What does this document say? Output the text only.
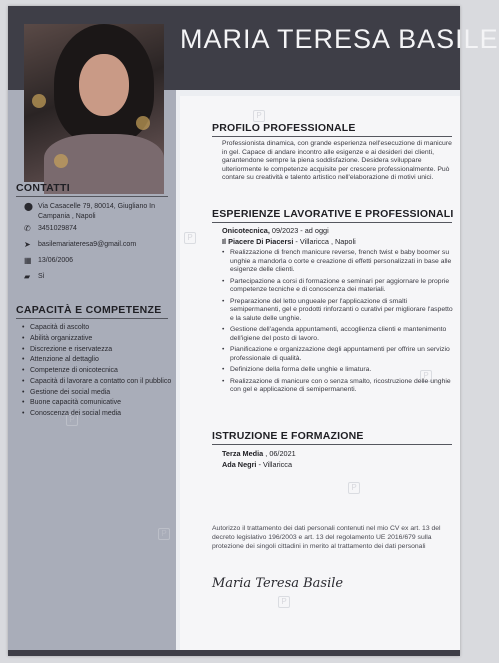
MARIA TERESA BASILE
P
P
P
P
P
P
P
CONTATTI
⬤ Via Casacelle 79, 80014, Giugliano In Campania , Napoli
✆	3451029874
➤	basilemariateresa9@gmail.com
▦ 13/06/2006
▰	Sì
CAPACITÀ E COMPETENZE
• Capacità di ascolto
• Abilità organizzative
• Discrezione e riservatezza
• Attenzione al dettaglio
• Competenze di onicotecnica
• Capacità di lavorare a contatto con il pubblico
• Gestione dei social media
• Buone capacità comunicative
• Conoscenza dei social media
PROFILO PROFESSIONALE
Professionista dinamica, con grande esperienza nell'esecuzione di manicure in gel. Capace di andare incontro alle esigenze e ai desideri dei clienti, garantendone sempre la piena soddisfazione. Desidera sviluppare ulteriormente le competenze acquisite per crescere professionalmente. Può contare su creatività e talento artistico nell'elaborazione di motivi unici.
ESPERIENZE LAVORATIVE E PROFESSIONALI
Onicotecnica, 09/2023 - ad oggi
Il Piacere Di Piacersi - Villaricca , Napoli
• Realizzazione di french manicure reverse, french twist e baby boomer su unghie a mandorla o corte e creazione di effetti personalizzati in base alle esigenze delle clienti.
• Partecipazione a corsi di formazione e seminari per aggiornare le proprie competenze tecniche e di conoscenza dei materiali.
• Preparazione del letto ungueale per l'applicazione di smalti semipermanenti, gel e prodotti rinforzanti o curativi per migliorare l'aspetto e la salute delle unghie.
• Gestione dell'agenda appuntamenti, accoglienza clienti e mantenimento dell'igiene del posto di lavoro.
• Pianificazione e organizzazione degli appuntamenti per offrire un servizio professionale di qualità.
• Definizione della forma delle unghie e limatura.
• Realizzazione di manicure con o senza smalto, ricostruzione delle unghie con gel e applicazione di semipermanenti.
ISTRUZIONE E FORMAZIONE
Terza Media , 06/2021
Ada Negri - Villaricca
Autorizzo il trattamento dei dati personali contenuti nel mio CV ex art. 13 del decreto legislativo 196/2003 e art. 13 del regolamento UE 2016/679 sulla protezione dei singoli cittadini in merito al trattamento dei dati personali
Maria Teresa Basile
